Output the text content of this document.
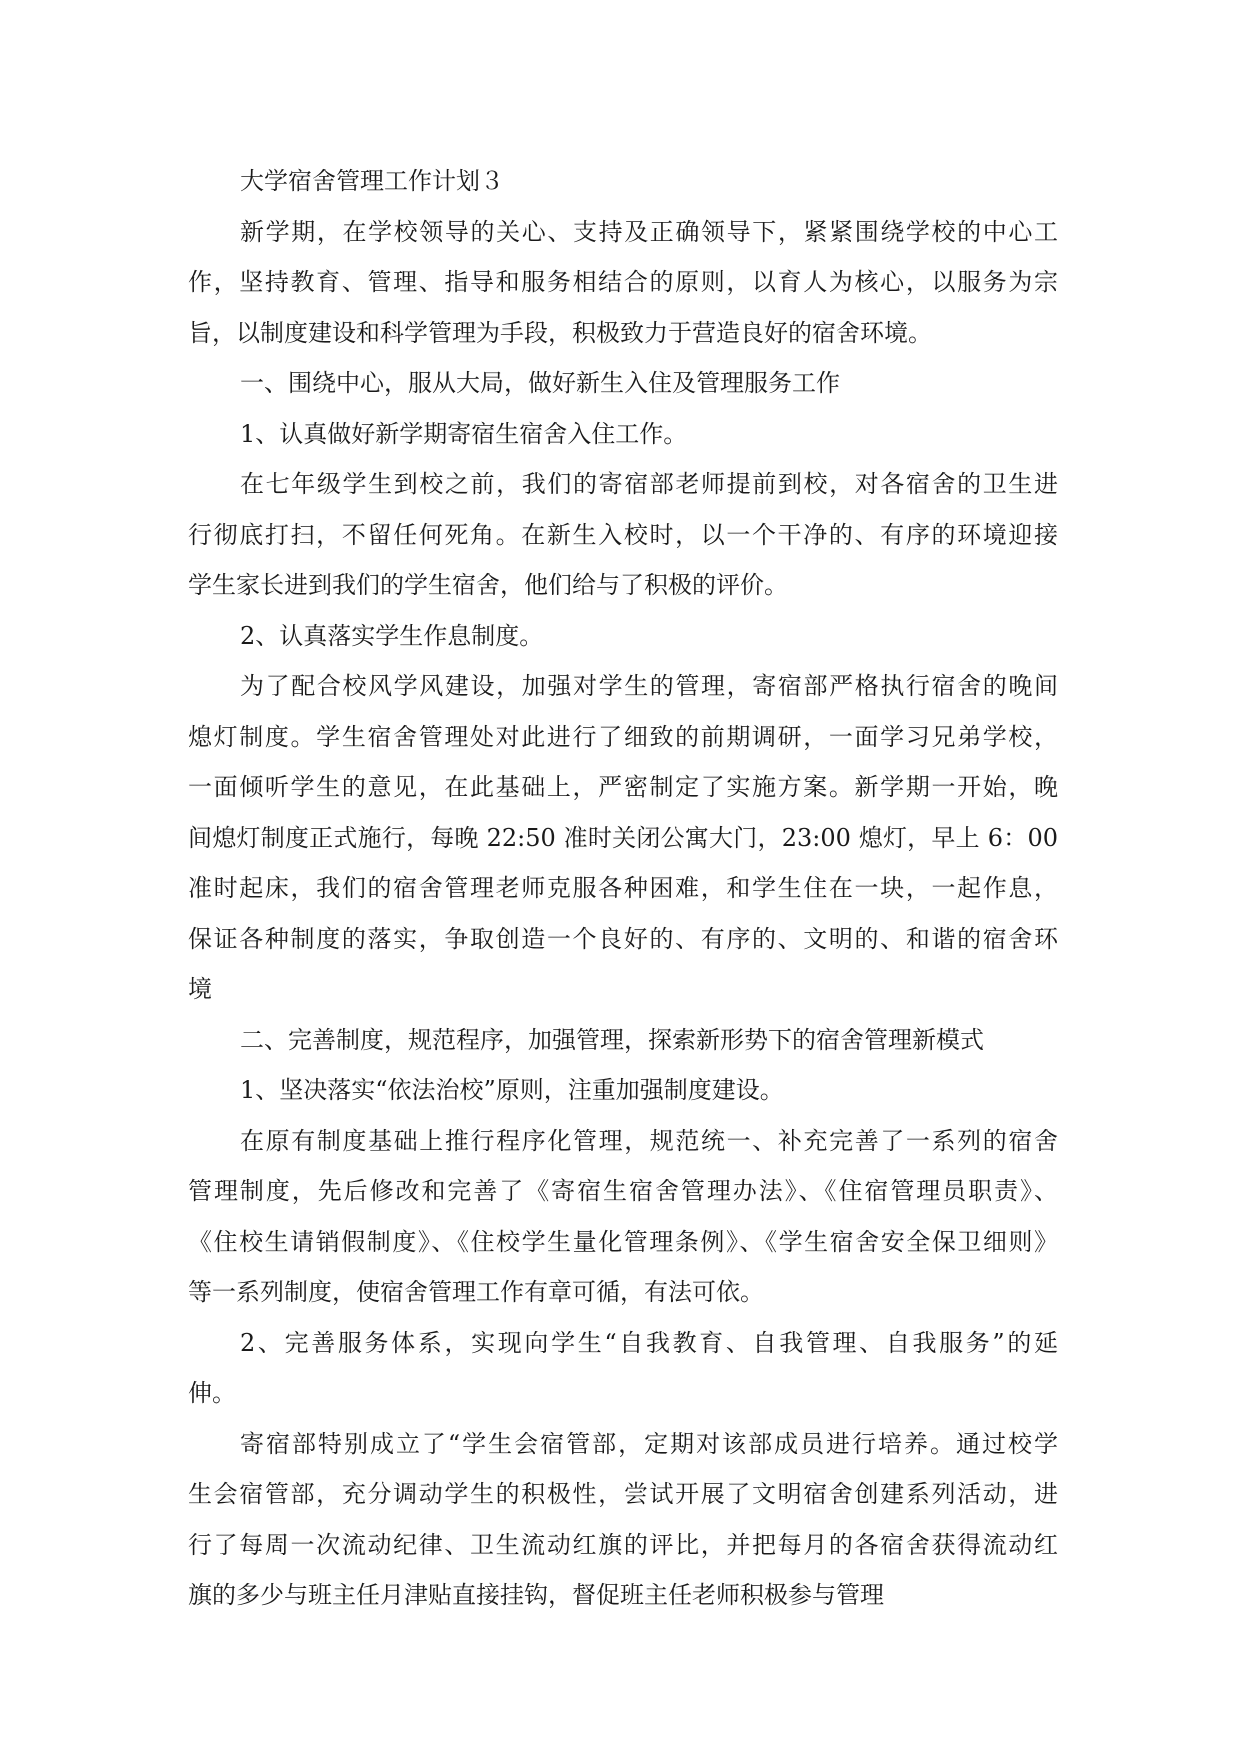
大学宿舍管理工作计划３
新学期，在学校领导的关心、支持及正确领导下，紧紧围绕学校的中心工
作，坚持教育、管理、指导和服务相结合的原则，以育人为核心，以服务为宗
旨，以制度建设和科学管理为手段，积极致力于营造良好的宿舍环境。
一、围绕中心，服从大局，做好新生入住及管理服务工作
1、认真做好新学期寄宿生宿舍入住工作。
在七年级学生到校之前，我们的寄宿部老师提前到校，对各宿舍的卫生进
行彻底打扫，不留任何死角。在新生入校时，以一个干净的、有序的环境迎接
学生家长进到我们的学生宿舍，他们给与了积极的评价。
2、认真落实学生作息制度。
为了配合校风学风建设，加强对学生的管理，寄宿部严格执行宿舍的晚间
熄灯制度。学生宿舍管理处对此进行了细致的前期调研，一面学习兄弟学校，
一面倾听学生的意见，在此基础上，严密制定了实施方案。新学期一开始，晚
间熄灯制度正式施行，每晚 22:50 准时关闭公寓大门，23:00 熄灯，早上 6：00
准时起床，我们的宿舍管理老师克服各种困难，和学生住在一块，一起作息，
保证各种制度的落实，争取创造一个良好的、有序的、文明的、和谐的宿舍环
境
二、完善制度，规范程序，加强管理，探索新形势下的宿舍管理新模式
1、坚决落实“依法治校”原则，注重加强制度建设。
在原有制度基础上推行程序化管理，规范统一、补充完善了一系列的宿舍
管理制度，先后修改和完善了《寄宿生宿舍管理办法》、《住宿管理员职责》、
《住校生请销假制度》、《住校学生量化管理条例》、《学生宿舍安全保卫细则》
等一系列制度，使宿舍管理工作有章可循，有法可依。
2、完善服务体系，实现向学生“自我教育、自我管理、自我服务”的延
伸。
寄宿部特别成立了“学生会宿管部，定期对该部成员进行培养。通过校学
生会宿管部，充分调动学生的积极性，尝试开展了文明宿舍创建系列活动，进
行了每周一次流动纪律、卫生流动红旗的评比，并把每月的各宿舍获得流动红
旗的多少与班主任月津贴直接挂钩，督促班主任老师积极参与管理
